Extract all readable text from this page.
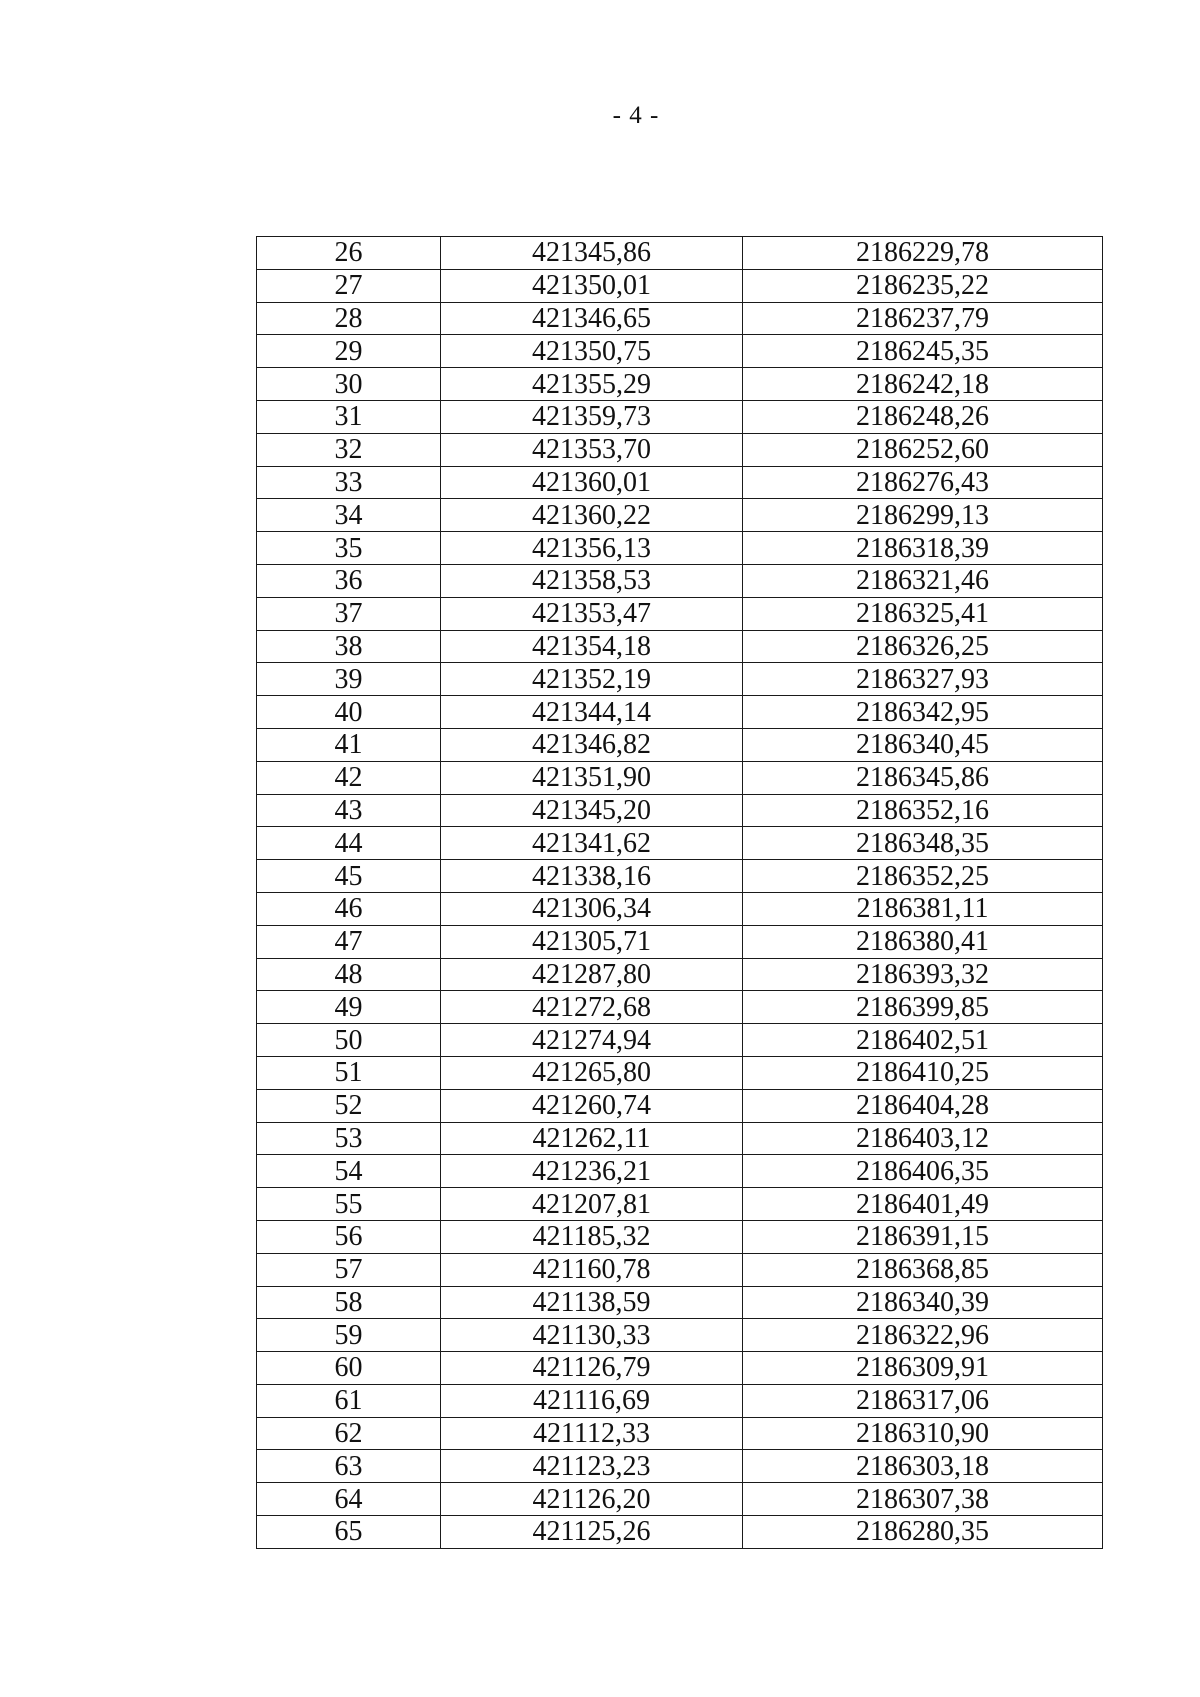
- 4 -
26	421345,86	2186229,78
27	421350,01	2186235,22
28	421346,65	2186237,79
29	421350,75	2186245,35
30	421355,29	2186242,18
31	421359,73	2186248,26
32	421353,70	2186252,60
33	421360,01	2186276,43
34	421360,22	2186299,13
35	421356,13	2186318,39
36	421358,53	2186321,46
37	421353,47	2186325,41
38	421354,18	2186326,25
39	421352,19	2186327,93
40	421344,14	2186342,95
41	421346,82	2186340,45
42	421351,90	2186345,86
43	421345,20	2186352,16
44	421341,62	2186348,35
45	421338,16	2186352,25
46	421306,34	2186381,11
47	421305,71	2186380,41
48	421287,80	2186393,32
49	421272,68	2186399,85
50	421274,94	2186402,51
51	421265,80	2186410,25
52	421260,74	2186404,28
53	421262,11	2186403,12
54	421236,21	2186406,35
55	421207,81	2186401,49
56	421185,32	2186391,15
57	421160,78	2186368,85
58	421138,59	2186340,39
59	421130,33	2186322,96
60	421126,79	2186309,91
61	421116,69	2186317,06
62	421112,33	2186310,90
63	421123,23	2186303,18
64	421126,20	2186307,38
65	421125,26	2186280,35
